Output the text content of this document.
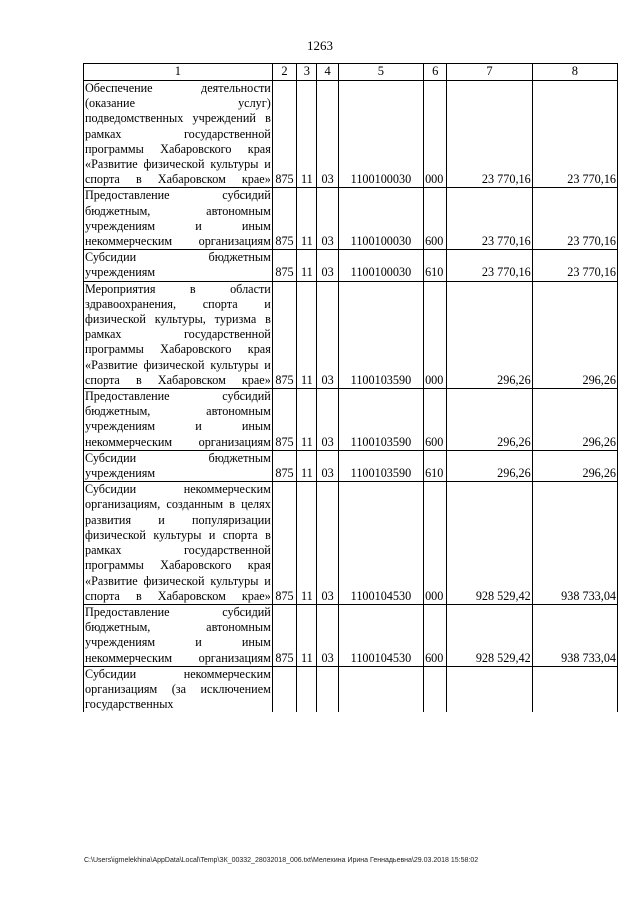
1263
1	2	3	4	5	6	7	8

Обеспечение деятельности (оказание услуг) подведомственных учреждений в рамках государственной программы Хабаровского края «Развитие физической культуры и спорта в Хабаровском крае»	875	11	03	1100100030	000	23 770,16	23 770,16

Предоставление субсидий бюджетным, автономным учреждениям и иным некоммерческим организациям	875	11	03	1100100030	600	23 770,16	23 770,16

Субсидии бюджетным учреждениям	875	11	03	1100100030	610	23 770,16	23 770,16

Мероприятия в области здравоохранения, спорта и физической культуры, туризма в рамках государственной программы Хабаровского края «Развитие физической культуры и спорта в Хабаровском крае»	875	11	03	1100103590	000	296,26	296,26

Предоставление субсидий бюджетным, автономным учреждениям и иным некоммерческим организациям	875	11	03	1100103590	600	296,26	296,26

Субсидии бюджетным учреждениям	875	11	03	1100103590	610	296,26	296,26

Субсидии некоммерческим организациям, созданным в целях развития и популяризации физической культуры и спорта в рамках государственной программы Хабаровского края «Развитие физической культуры и спорта в Хабаровском крае»	875	11	03	1100104530	000	928 529,42	938 733,04

Предоставление субсидий бюджетным, автономным учреждениям и иным некоммерческим организациям	875	11	03	1100104530	600	928 529,42	938 733,04

Субсидии некоммерческим организациям (за исключением государственных							

C:\Users\igmelekhina\AppData\Local\Temp\ЗК_00332_28032018_006.txt\Мелехина Ирина Геннадьевна\29.03.2018 15:58:02
